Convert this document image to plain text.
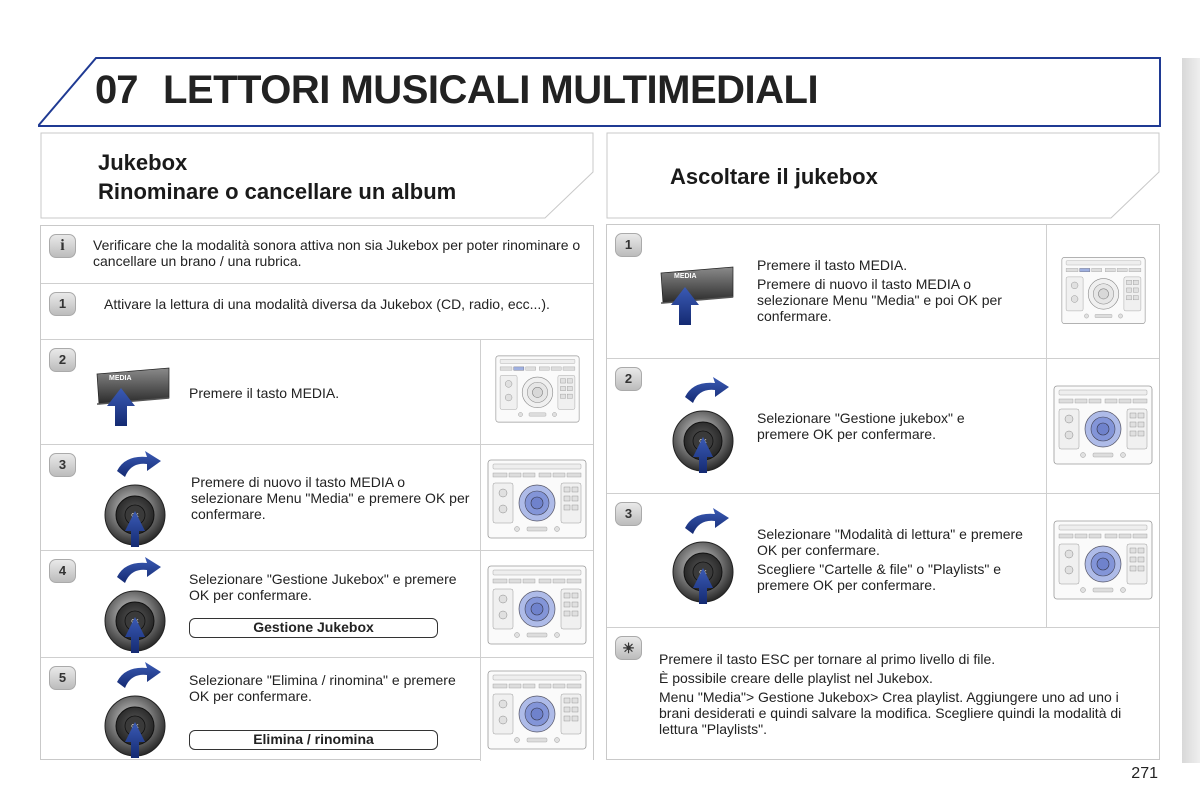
07 LETTORI MUSICALI MULTIMEDIALI
Jukebox
Rinominare o cancellare un album
Ascoltare il jukebox
i	Verificare che la modalità sonora attiva non sia Jukebox per poter rinominare o cancellare un brano / una rubrica.
1	Attivare la lettura di una modalità diversa da Jukebox (CD, radio, ecc...).
2
MEDIA
Premere il tasto MEDIA.
3
Premere di nuovo il tasto MEDIA o selezionare Menu "Media" e premere OK per confermare.
4
Selezionare "Gestione Jukebox" e premere OK per confermare.
Gestione Jukebox
5	Selezionare "Elimina / rinomina" e premere OK per confermare.
Elimina / rinomina
1
MEDIA

Premere il tasto MEDIA.

Premere di nuovo il tasto MEDIA o selezionare Menu "Media" e poi OK per confermare.

2
Selezionare "Gestione jukebox" e premere OK per confermare.
3

Selezionare "Modalità di lettura" e premere OK per confermare.

Scegliere "Cartelle & file" o "Playlists" e premere OK per confermare.

☀

Premere il tasto ESC per tornare al primo livello di file.

È possibile creare delle playlist nel Jukebox.

Menu "Media"> Gestione Jukebox> Crea playlist. Aggiungere uno ad uno i brani desiderati e quindi salvare la modifica. Scegliere quindi la modalità di lettura "Playlists".

271
